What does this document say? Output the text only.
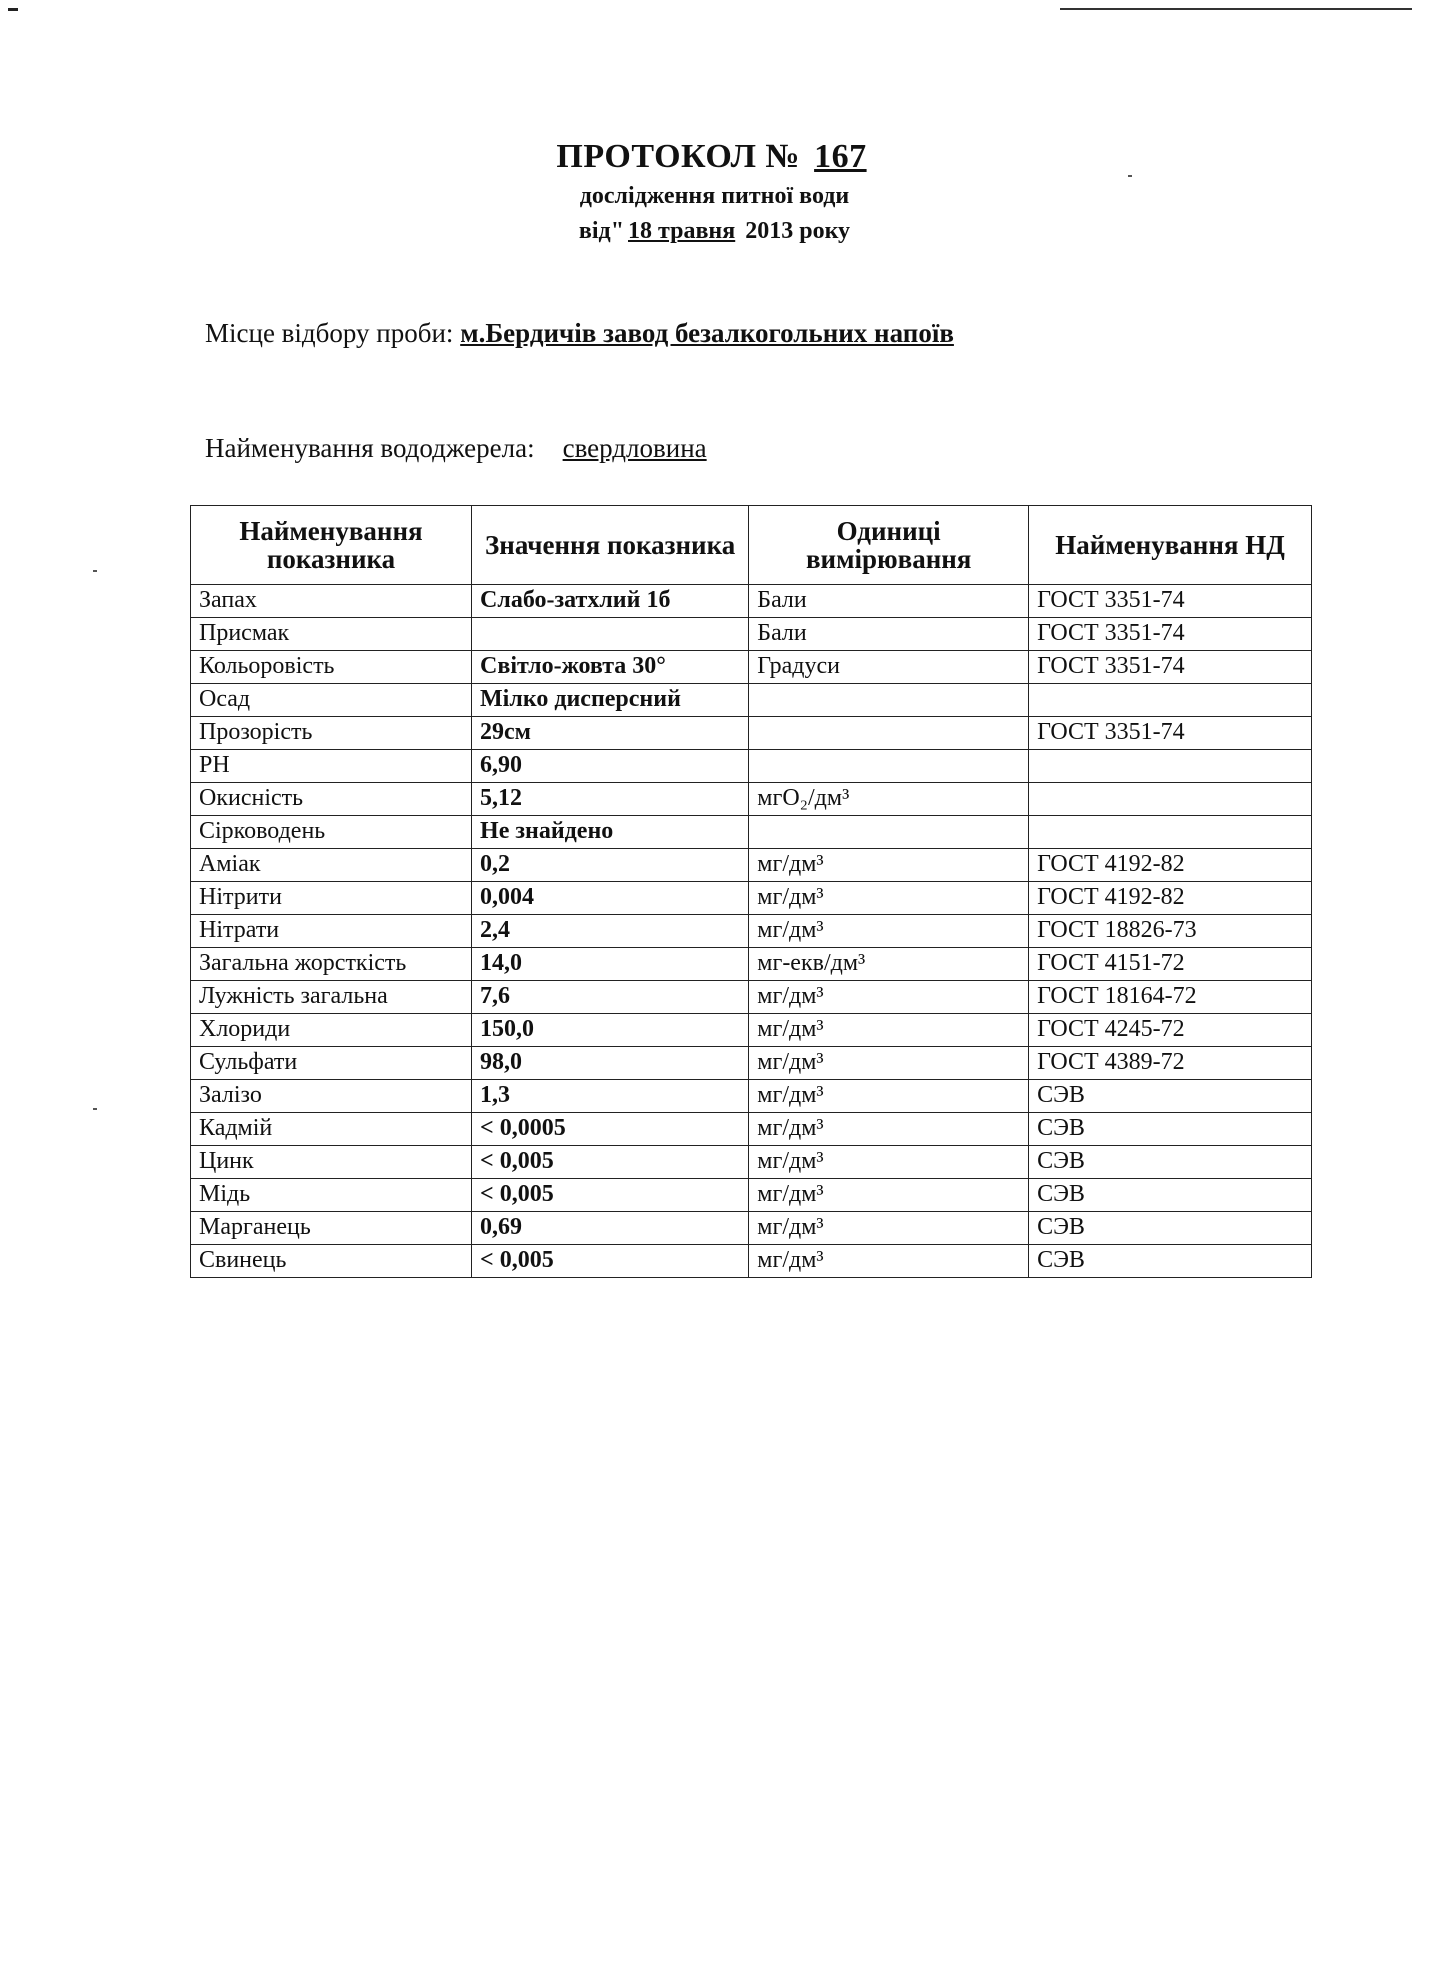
ПРОТОКОЛ № 167
дослідження питної води
від" 18 травня 2013 року
Місце відбору проби: м.Бердичів завод безалкогольних напоїв
Найменування вододжерела: свердловина
Найменування показника	Значення показника	Одиниці вимірювання	Найменування НД
Запах	Слабо-затхлий 1б	Бали	ГОСТ 3351-74
Присмак		Бали	ГОСТ 3351-74
Кольоровість	Світло-жовта 30°	Градуси	ГОСТ 3351-74
Осад	Мілко дисперсний		
Прозорість	29см		ГОСТ 3351-74
PH	6,90		
Окисність	5,12	мгО₂/дм³	
Сірководень	Не знайдено		
Аміак	0,2	мг/дм³	ГОСТ 4192-82
Нітрити	0,004	мг/дм³	ГОСТ 4192-82
Нітрати	2,4	мг/дм³	ГОСТ 18826-73
Загальна жорсткість	14,0	мг-екв/дм³	ГОСТ 4151-72
Лужність загальна	7,6	мг/дм³	ГОСТ 18164-72
Хлориди	150,0	мг/дм³	ГОСТ 4245-72
Сульфати	98,0	мг/дм³	ГОСТ 4389-72
Залізо	1,3	мг/дм³	СЭВ
Кадмій	< 0,0005	мг/дм³	СЭВ
Цинк	< 0,005	мг/дм³	СЭВ
Мідь	< 0,005	мг/дм³	СЭВ
Марганець	0,69	мг/дм³	СЭВ
Свинець	< 0,005	мг/дм³	СЭВ
